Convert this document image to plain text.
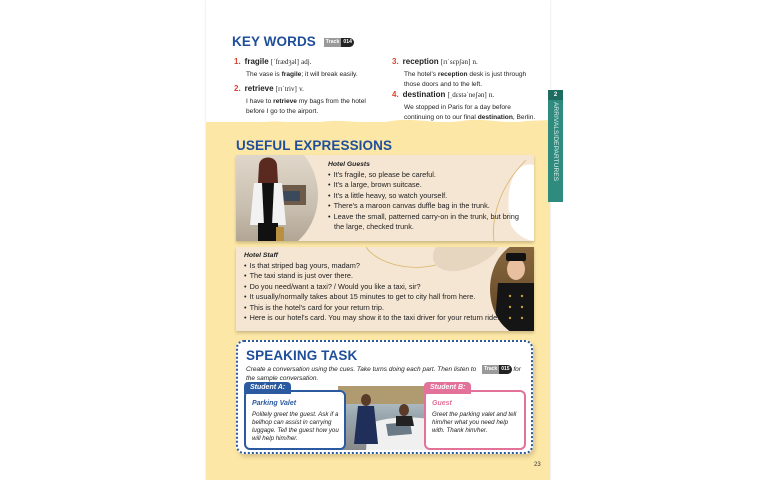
KEY WORDS	Track 014
1. fragile [ˈfrædʒəl] adj.
The vase is fragile; it will break easily.
2. retrieve [rɪˈtriv] v.
I have to retrieve my bags from the hotel before I go to the airport.
3. reception [rɪˈsɛpʃən] n.
The hotel's reception desk is just through those doors and to the left.
4. destination [ˌdɛstəˈneʃən] n.
We stopped in Paris for a day before continuing on to our final destination, Berlin.
USEFUL EXPRESSIONS
Hotel Guests
• It's fragile, so please be careful.
• It's a large, brown suitcase.
• It's a little heavy, so watch yourself.
• There's a maroon canvas duffle bag in the trunk.
• Leave the small, patterned carry-on in the trunk, but bring the large, checked trunk.
Hotel Staff
• Is that striped bag yours, madam?
• The taxi stand is just over there.
• Do you need/want a taxi? / Would you like a taxi, sir?
• It usually/normally takes about 15 minutes to get to city hall from here.
• This is the hotel's card for your return trip.
• Here is our hotel's card. You may show it to the taxi driver for your return ride.
SPEAKING TASK
Create a conversation using the cues. Take turns doing each part. Then listen to	Track 015 for the sample conversation.
Student A:
Parking Valet
Politely greet the guest. Ask if a bellhop can assist in carrying luggage. Tell the guest how you will help him/her.
Student B:
Guest
Greet the parking valet and tell him/her what you need help with. Thank him/her.
23
2
ARRIVALS/DEPARTURES
